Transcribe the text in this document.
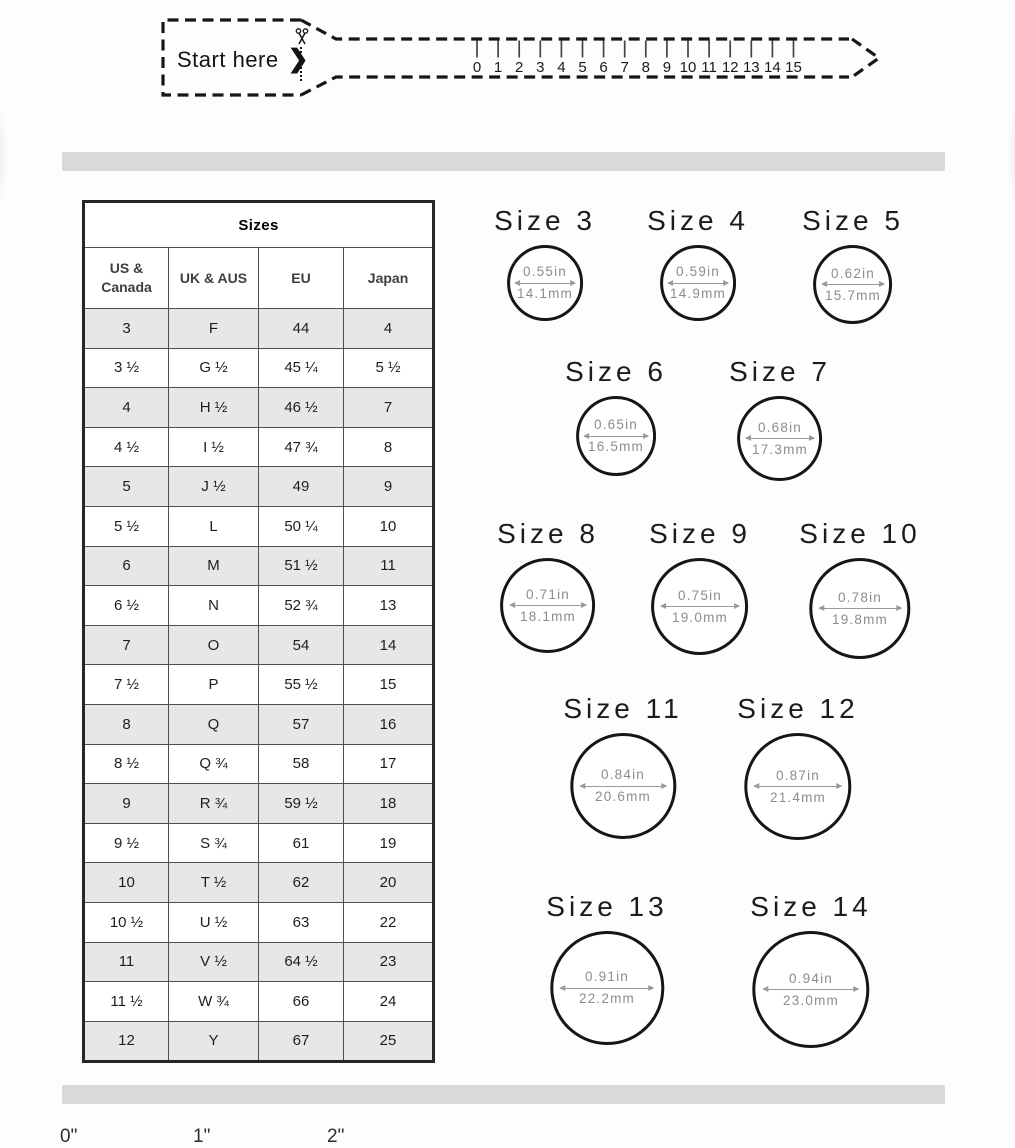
0 1 2 3 4 5 6 7 8 9 10 11 12 13 14 15
Start here ❯
Sizes			
US & Canada	UK & AUS	EU	Japan
3	F	44	4
3 ½	G ½	45 ¼	5 ½
4	H ½	46 ½	7
4 ½	I ½	47 ¾	8
5	J ½	49	9
5 ½	L	50 ¼	10
6	M	51 ½	11
6 ½	N	52 ¾	13
7	O	54	14
7 ½	P	55 ½	15
8	Q	57	16
8 ½	Q ¾	58	17
9	R ¾	59 ½	18
9 ½	S ¾	61	19
10	T ½	62	20
10 ½	U ½	63	22
11	V ½	64 ½	23
11 ½	W ¾	66	24
12	Y	67	25
Size 3
0.55in
14.1mm
Size 4
0.59in
14.9mm
Size 5
0.62in
15.7mm
Size 6
0.65in
16.5mm
Size 7
0.68in
17.3mm
Size 8
0.71in
18.1mm
Size 9
0.75in
19.0mm
Size 10
0.78in
19.8mm
Size 11
0.84in
20.6mm
Size 12
0.87in
21.4mm
Size 13
0.91in
22.2mm
Size 14
0.94in
23.0mm
0"	1"	2"
